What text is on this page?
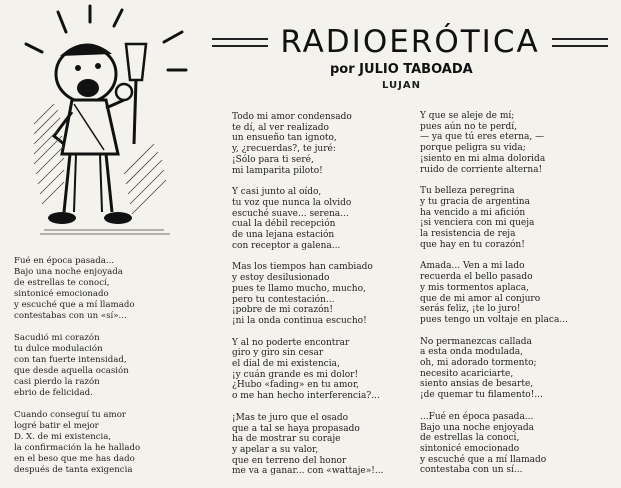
RADIOERÓTICA
por JULIO TABOADA
LUJAN
Fué en época pasada...
Bajo una noche enjoyada
de estrellas te conocí,
sintonicé emocionado
y escuché que a mí llamado
contestabas con un «sí»...
Sacudió mi corazón
tu dulce modulación
con tan fuerte intensidad,
que desde aquella ocasión
casi pierdo la razón
ebrio de felicidad.
Cuando conseguí tu amor
logré batir el mejor
D. X. de mi existencia,
la confirmación la he hallado
en el beso que me has dado
después de tanta exigencia
Todo mi amor condensado
te dí, al ver realizado
un ensueño tan ignoto,
y, ¿recuerdas?, te juré:
¡Sólo para ti seré,
mi lamparita piloto!
Y casi junto al oído,
tu voz que nunca la olvido
escuché suave... serena...
cual la débil recepción
de una lejana estación
con receptor a galena...
Mas los tiempos han cambiado
y estoy desilusionado
pues te llamo mucho, mucho,
pero tu contestación...
¡pobre de mi corazón!
¡ni la onda continua escucho!
Y al no poderte encontrar
giro y giro sin cesar
el dial de mi existencia,
¡y cuán grande es mi dolor!
¿Hubo «fading» en tu amor,
o me han hecho interferencia?...
¡Mas te juro que el osado
que a tal se haya propasado
ha de mostrar su coraje
y apelar a su valor,
que en terreno del honor
me va a ganar... con «wattaje»!...
Y que se aleje de mí;
pues aún no te perdí,
— ya que tú eres eterna, —
porque peligra su vida;
¡siento en mi alma dolorida
ruido de corriente alterna!
Tu belleza peregrina
y tu gracia de argentina
ha vencido a mi afición
¡si venciera con mi queja
la resistencia de reja
que hay en tu corazón!
Amada... Ven a mi lado
recuerda el bello pasado
y mis tormentos aplaca,
que de mi amor al conjuro
serás feliz, ¡te lo juro!
pues tengo un voltaje en placa...
No permanezcas callada
a esta onda modulada,
oh, mi adorado tormento;
necesito acariciarte,
siento ansias de besarte,
¡de quemar tu filamento!...
...Fué en época pasada...
Bajo una noche enjoyada
de estrellas la conocí,
sintonicé emocionado
y escuché que a mí llamado
contestaba con un sí...
